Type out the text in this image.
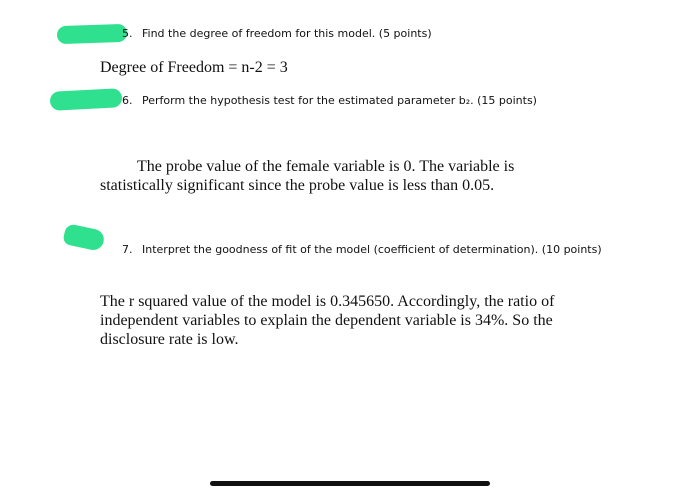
5. Find the degree of freedom for this model. (5 points)
Degree of Freedom = n-2 = 3
6. Perform the hypothesis test for the estimated parameter b₂. (15 points)
The probe value of the female variable is 0. The variable is
statistically significant since the probe value is less than 0.05.
7. Interpret the goodness of fit of the model (coefficient of determination). (10 points)
The r squared value of the model is 0.345650. Accordingly, the ratio of
independent variables to explain the dependent variable is 34%. So the
disclosure rate is low.
